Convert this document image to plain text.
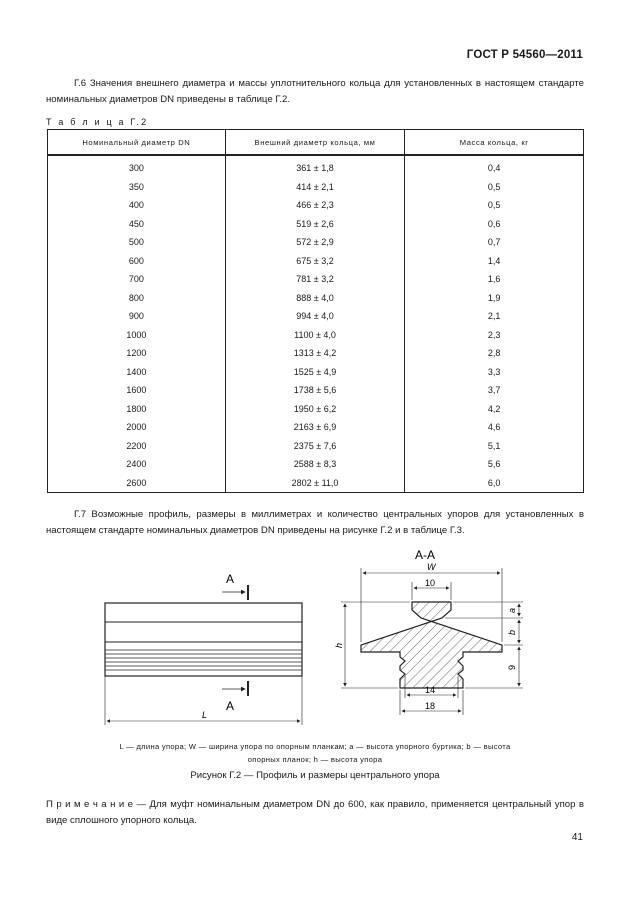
ГОСТ Р 54560—2011
Г.6 Значения внешнего диаметра и массы уплотнительного кольца для установленных в настоящем стандарте номинальных диаметров DN приведены в таблице Г.2.
Т а б л и ц а Г.2
Номинальный диаметр DN	Внешний диаметр кольца, мм	Масса кольца, кг
300	361 ± 1,8	0,4
350	414 ± 2,1	0,5
400	466 ± 2,3	0,5
450	519 ± 2,6	0,6
500	572 ± 2,9	0,7
600	675 ± 3,2	1,4
700	781 ± 3,2	1,6
800	888 ± 4,0	1,9
900	994 ± 4,0	2,1
1000	1100 ± 4,0	2,3
1200	1313 ± 4,2	2,8
1400	1525 ± 4,9	3,3
1600	1738 ± 5,6	3,7
1800	1950 ± 6,2	4,2
2000	2163 ± 6,9	4,6
2200	2375 ± 7,6	5,1
2400	2588 ± 8,3	5,6
2600	2802 ± 11,0	6,0
Г.7 Возможные профиль, размеры в миллиметрах и количество центральных упоров для установленных в настоящем стандарте номинальных диаметров DN приведены на рисунке Г.2 и в таблице Г.3.
A
A
L
A-A
W
10
a
b
9
h
14
18
L — длина упора; W — ширина упора по опорным планкам; a — высота упорного буртика; b — высота
опорных планок; h — высота упора
Рисунок Г.2 — Профиль и размеры центрального упора
П р и м е ч а н и е — Для муфт номинальным диаметром DN до 600, как правило, применяется центральный упор в виде сплошного упорного кольца.
41
